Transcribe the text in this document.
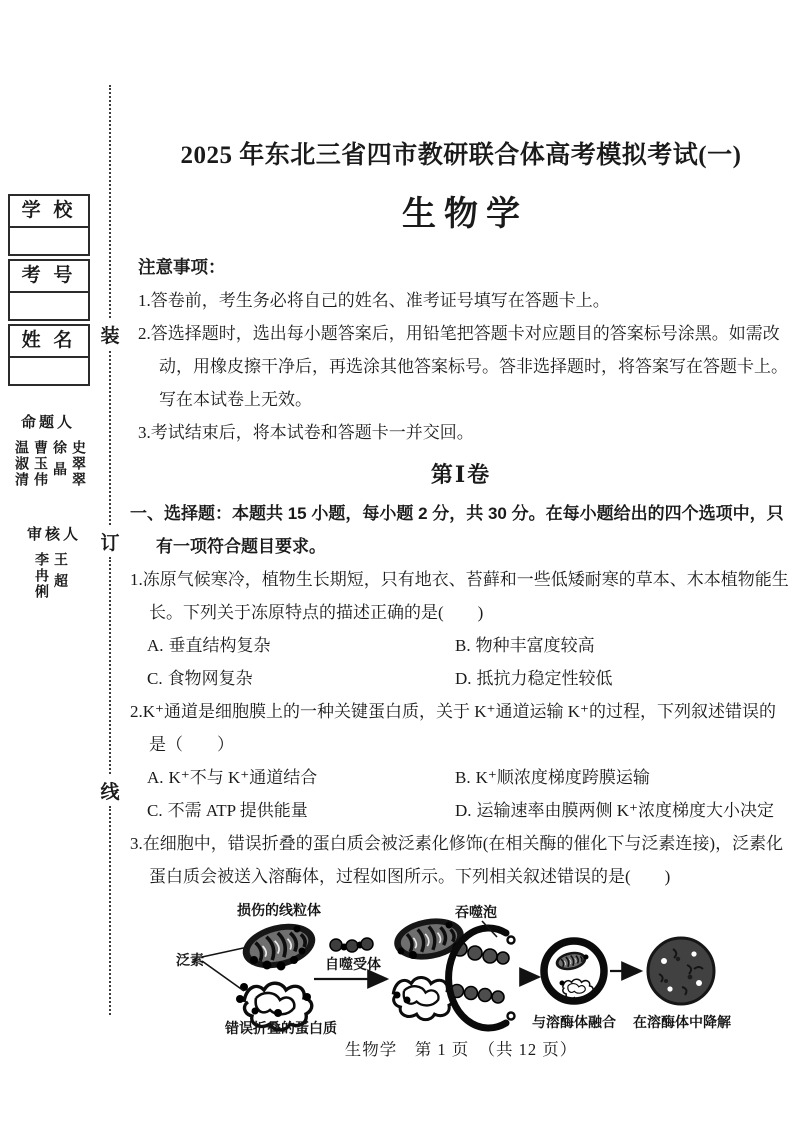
学 校
考 号
姓 名	装
订
线
命题人
史翠翠
徐 晶
曹玉伟
温淑清
审核人
王 超
李冉俐
2025 年东北三省四市教研联合体高考模拟考试(一)
生物学

注意事项：

1.答卷前，考生务必将自己的姓名、准考证号填写在答题卡上。

2.答选择题时，选出每小题答案后，用铅笔把答题卡对应题目的答案标号涂黑。如需改动，用橡皮擦干净后，再选涂其他答案标号。答非选择题时，将答案写在答题卡上。写在本试卷上无效。

3.考试结束后，将本试卷和答题卡一并交回。

第Ⅰ卷

一、选择题：本题共 15 小题，每小题 2 分，共 30 分。在每小题给出的四个选项中，只有一项符合题目要求。

1.冻原气候寒冷，植物生长期短，只有地衣、苔藓和一些低矮耐寒的草本、木本植物能生长。下列关于冻原特点的描述正确的是(　　)

A. 垂直结构复杂	B. 物种丰富度较高

C. 食物网复杂	D. 抵抗力稳定性较低

2.K⁺通道是细胞膜上的一种关键蛋白质，关于 K⁺通道运输 K⁺的过程，下列叙述错误的是（　　）

A. K⁺不与 K⁺通道结合	B. K⁺顺浓度梯度跨膜运输

C. 不需 ATP 提供能量	D. 运输速率由膜两侧 K⁺浓度梯度大小决定

3.在细胞中，错误折叠的蛋白质会被泛素化修饰(在相关酶的催化下与泛素连接)，泛素化蛋白质会被送入溶酶体，过程如图所示。下列相关叙述错误的是(　　)

损伤的线粒体
泛素
错误折叠的蛋白质
自噬受体
吞噬泡
与溶酶体融合 在溶酶体中降解
生物学　第 1 页　（共 12 页）
